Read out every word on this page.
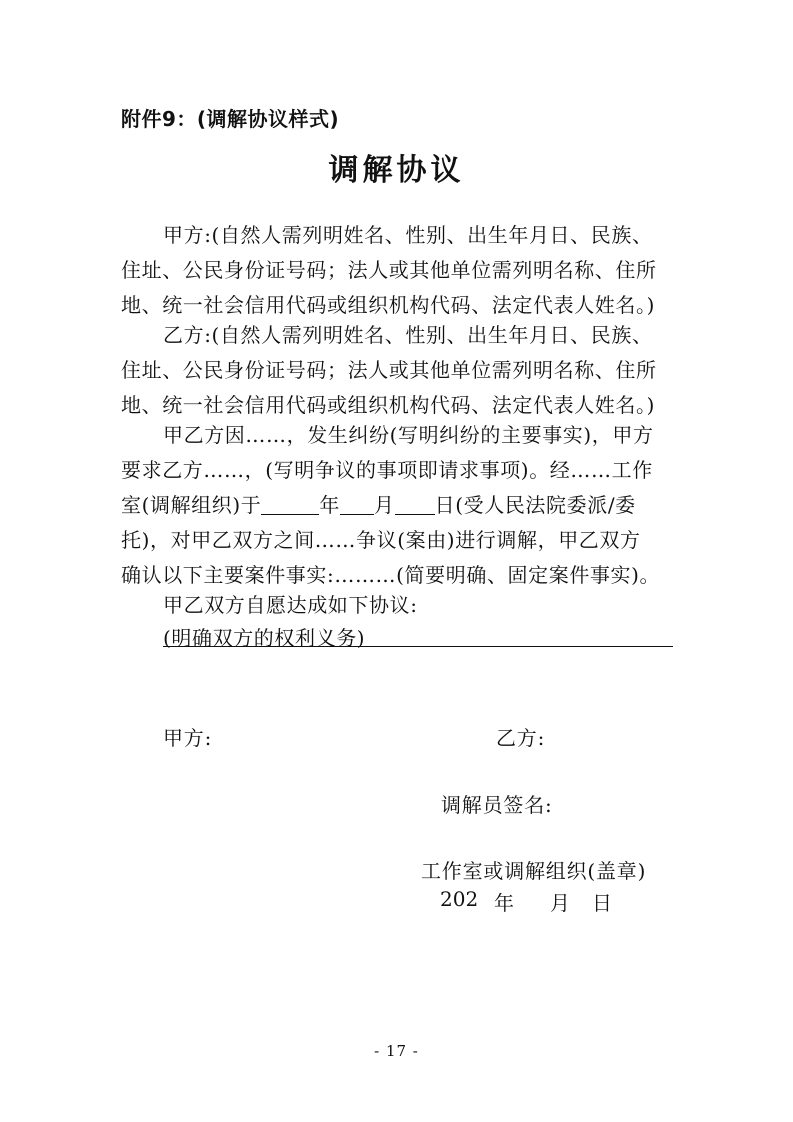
附件9：(调解协议样式)
调解协议
甲方:(自然人需列明姓名、性别、出生年月日、民族、
住址、公民身份证号码；法人或其他单位需列明名称、住所
地、统一社会信用代码或组织机构代码、法定代表人姓名。)
乙方:(自然人需列明姓名、性别、出生年月日、民族、
住址、公民身份证号码；法人或其他单位需列明名称、住所
地、统一社会信用代码或组织机构代码、法定代表人姓名。)
甲乙方因……，发生纠纷(写明纠纷的主要事实)，甲方
要求乙方……，(写明争议的事项即请求事项)。经……工作
室(调解组织)于	年 月 日(受人民法院委派/委
托)，对甲乙双方之间……争议(案由)进行调解，甲乙双方
确认以下主要案件事实:………(简要明确、固定案件事实)。
甲乙双方自愿达成如下协议:
(明确双方的权利义务)
甲方:	乙方:
调解员签名:
工作室或调解组织(盖章)
202 年 月 日
- 17 -
